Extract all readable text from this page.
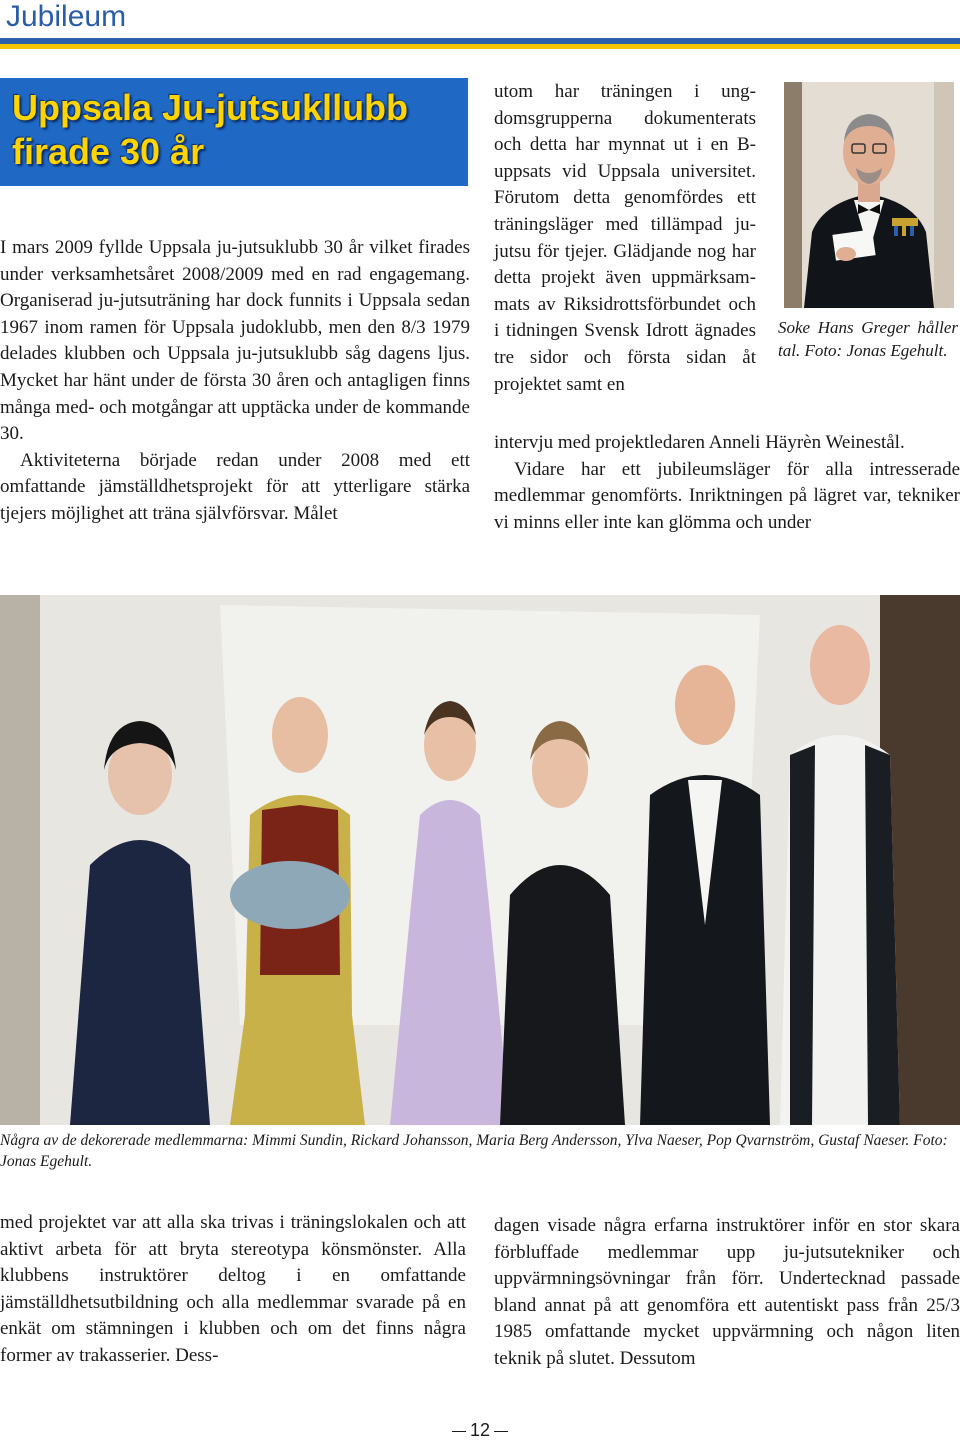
Jubileum
Uppsala Ju-jutsukllubb
firade 30 år

I mars 2009 fyllde Uppsala ju-jutsuklubb 30 år vilket firades under verksamhetsåret 2008/2009 med en rad engagemang. Organiserad ju-jutsuträning har dock funnits i Uppsala sedan 1967 inom ramen för Uppsala judoklubb, men den 8/3 1979 delades klubben och Uppsala ju-jutsuklubb såg dagens ljus. Mycket har hänt under de första 30 åren och antagligen finns många med- och motgångar att upptäcka under de kommande 30.

Aktiviteterna började redan under 2008 med ett omfattande jämställdhetsprojekt för att ytterligare stärka tjejers möjlighet att träna självförsvar. Målet

utom har träningen i ungdomsgrupperna dokumenterats och detta har mynnat ut i en B-uppsats vid Uppsala universitet. Förutom detta genomfördes ett träningsläger med tillämpad ju-jutsu för tjejer. Glädjande nog har detta projekt även uppmärksammats av Riksidrottsförbundet och i tidningen Svensk Idrott ägnades tre sidor och första sidan åt projektet samt en

Soke Hans Greger håller tal. Foto: Jonas Egehult.

intervju med projektledaren Anneli Häyrèn Weinestål.

Vidare har ett jubileumsläger för alla intresserade medlemmar genomförts. Inriktningen på lägret var, tekniker vi minns eller inte kan glömma och under

Några av de dekorerade medlemmarna: Mimmi Sundin, Rickard Johansson, Maria Berg Andersson, Ylva Naeser, Pop Qvarnström, Gustaf Naeser. Foto: Jonas Egehult.

med projektet var att alla ska trivas i träningslokalen och att aktivt arbeta för att bryta stereotypa könsmönster. Alla klubbens instruktörer deltog i en omfattande jämställdhetsutbildning och alla medlemmar svarade på en enkät om stämningen i klubben och om det finns några former av trakasserier. Dess-

dagen visade några erfarna instruktörer inför en stor skara förbluffade medlemmar upp ju-jutsutekniker och uppvärmningsövningar från förr. Undertecknad passade bland annat på att genomföra ett autentiskt pass från 25/3 1985 omfattande mycket uppvärmning och någon liten teknik på slutet. Dessutom

12
